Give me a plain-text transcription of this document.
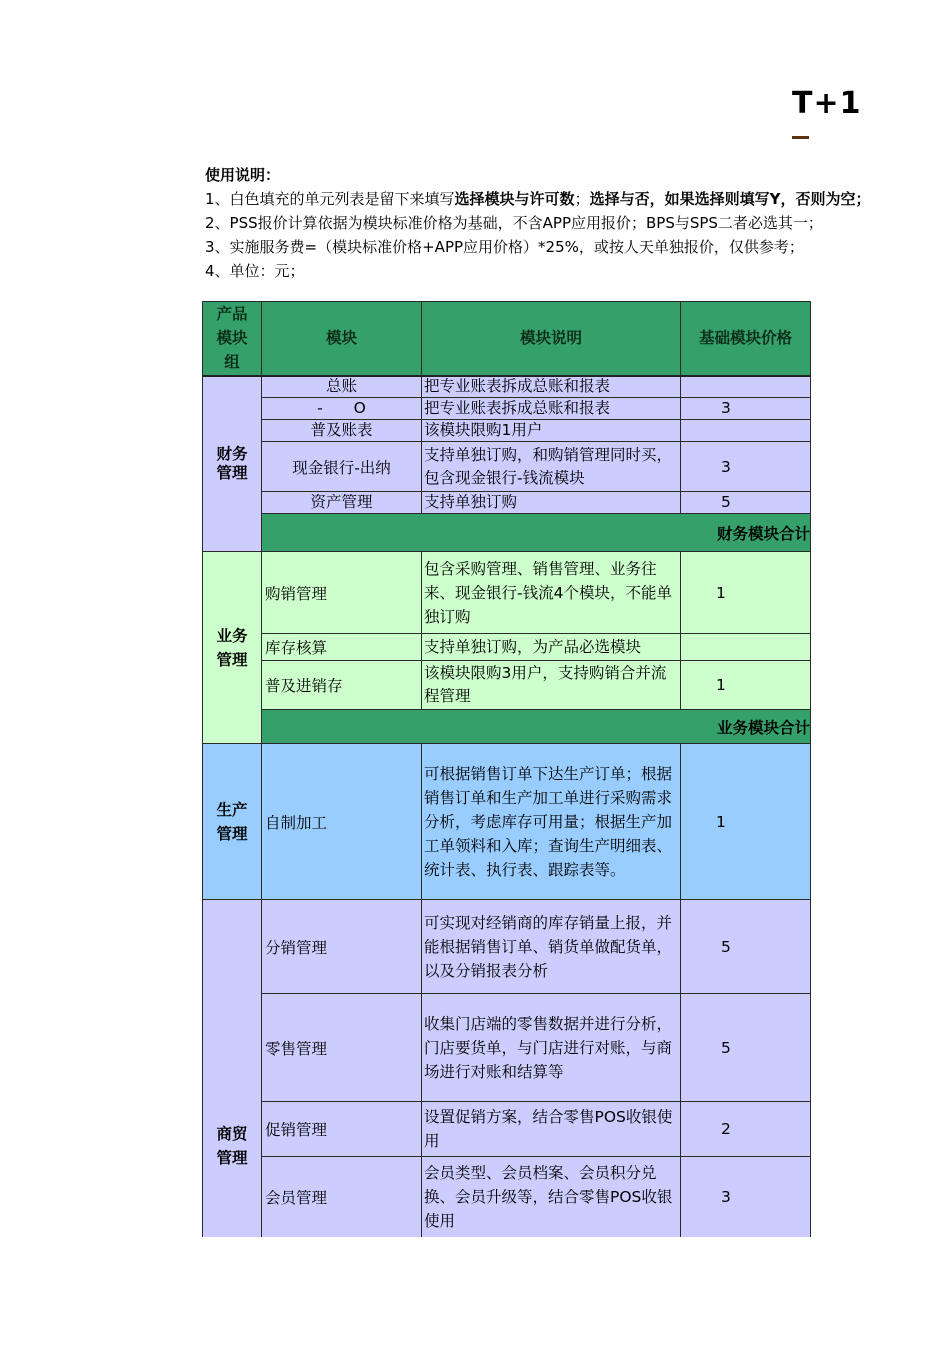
T+1
使用说明：
1、白色填充的单元列表是留下来填写选择模块与许可数；选择与否，如果选择则填写Y，否则为空；
2、PSS报价计算依据为模块标准价格为基础，不含APP应用报价；BPS与SPS二者必选其一；
3、实施服务费=（模块标准价格+APP应用价格）*25%，或按人天单独报价，仅供参考；
4、单位：元；
产品模块组	模块	模块说明	基础模块价格
财务管理	总账	把专业账表拆成总账和报表	
	-　　O	把专业账表拆成总账和报表	3
	普及账表	该模块限购1用户	
	现金银行-出纳	支持单独订购，和购销管理同时买，包含现金银行-钱流模块	3
	资产管理	支持单独订购	5
	财务模块合计		
业务管理	购销管理	包含采购管理、销售管理、业务往来、现金银行-钱流4个模块，不能单独订购	1
	库存核算	支持单独订购，为产品必选模块	
	普及进销存	该模块限购3用户，支持购销合并流程管理	1
	业务模块合计		
生产管理	自制加工	可根据销售订单下达生产订单；根据销售订单和生产加工单进行采购需求分析，考虑库存可用量；根据生产加工单领料和入库；查询生产明细表、统计表、执行表、跟踪表等。	1
商贸管理	分销管理	可实现对经销商的库存销量上报，并能根据销售订单、销货单做配货单，以及分销报表分析	5
	零售管理	收集门店端的零售数据并进行分析，门店要货单，与门店进行对账，与商场进行对账和结算等	5
	促销管理	设置促销方案，结合零售POS收银使用	2
	会员管理	会员类型、会员档案、会员积分兑换、会员升级等，结合零售POS收银使用	3
